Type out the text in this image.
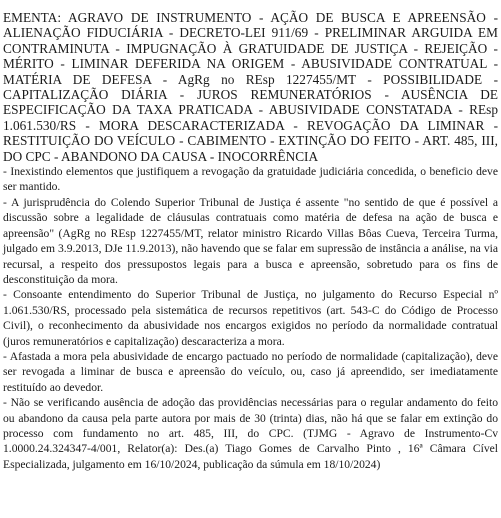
EMENTA: AGRAVO DE INSTRUMENTO - AÇÃO DE BUSCA E APREENSÃO - ALIENAÇÃO FIDUCIÁRIA - DECRETO-LEI 911/69 - PRELIMINAR ARGUIDA EM CONTRAMINUTA - IMPUGNAÇÃO À GRATUIDADE DE JUSTIÇA - REJEIÇÃO - MÉRITO - LIMINAR DEFERIDA NA ORIGEM - ABUSIVIDADE CONTRATUAL - MATÉRIA DE DEFESA - AgRg no REsp 1227455/MT - POSSIBILIDADE - CAPITALIZAÇÃO DIÁRIA - JUROS REMUNERATÓRIOS - AUSÊNCIA DE ESPECIFICAÇÃO DA TAXA PRATICADA - ABUSIVIDADE CONSTATADA - REsp 1.061.530/RS - MORA DESCARACTERIZADA - REVOGAÇÃO DA LIMINAR - RESTITUIÇÃO DO VEÍCULO - CABIMENTO - EXTINÇÃO DO FEITO - ART. 485, III, DO CPC - ABANDONO DA CAUSA - INOCORRÊNCIA

- Inexistindo elementos que justifiquem a revogação da gratuidade judiciária concedida, o beneficio deve ser mantido.

- A jurisprudência do Colendo Superior Tribunal de Justiça é assente "no sentido de que é possível a discussão sobre a legalidade de cláusulas contratuais como matéria de defesa na ação de busca e apreensão" (AgRg no REsp 1227455/MT, relator ministro Ricardo Villas Bôas Cueva, Terceira Turma, julgado em 3.9.2013, DJe 11.9.2013), não havendo que se falar em supressão de instância a análise, na via recursal, a respeito dos pressupostos legais para a busca e apreensão, sobretudo para os fins de desconstituição da mora.

- Consoante entendimento do Superior Tribunal de Justiça, no julgamento do Recurso Especial nº 1.061.530/RS, processado pela sistemática de recursos repetitivos (art. 543-C do Código de Processo Civil), o reconhecimento da abusividade nos encargos exigidos no período da normalidade contratual (juros remuneratórios e capitalização) descaracteriza a mora.

- Afastada a mora pela abusividade de encargo pactuado no período de normalidade (capitalização), deve ser revogada a liminar de busca e apreensão do veículo, ou, caso já apreendido, ser imediatamente restituído ao devedor.

- Não se verificando ausência de adoção das providências necessárias para o regular andamento do feito ou abandono da causa pela parte autora por mais de 30 (trinta) dias, não há que se falar em extinção do processo com fundamento no art. 485, III, do CPC. (TJMG - Agravo de Instrumento-Cv 1.0000.24.324347-4/001, Relator(a): Des.(a) Tiago Gomes de Carvalho Pinto , 16ª Câmara Cível Especializada, julgamento em 16/10/2024, publicação da súmula em 18/10/2024)
